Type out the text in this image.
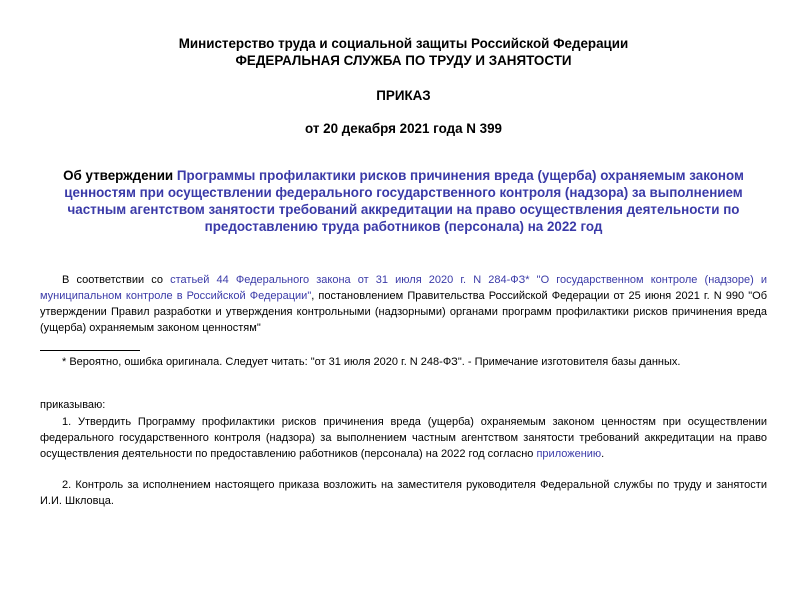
Министерство труда и социальной защиты Российской Федерации
ФЕДЕРАЛЬНАЯ СЛУЖБА ПО ТРУДУ И ЗАНЯТОСТИ
ПРИКАЗ
от 20 декабря 2021 года N 399
Об утверждении Программы профилактики рисков причинения вреда (ущерба) охраняемым законом ценностям при осуществлении федерального государственного контроля (надзора) за выполнением частным агентством занятости требований аккредитации на право осуществления деятельности по предоставлению труда работников (персонала) на 2022 год
В соответствии со статьей 44 Федерального закона от 31 июля 2020 г. N 284-ФЗ* "О государственном контроле (надзоре) и муниципальном контроле в Российской Федерации", постановлением Правительства Российской Федерации от 25 июня 2021 г. N 990 "Об утверждении Правил разработки и утверждения контрольными (надзорными) органами программ профилактики рисков причинения вреда (ущерба) охраняемым законом ценностям"
* Вероятно, ошибка оригинала. Следует читать: "от 31 июля 2020 г. N 248-ФЗ". - Примечание изготовителя базы данных.
приказываю:
1. Утвердить Программу профилактики рисков причинения вреда (ущерба) охраняемым законом ценностям при осуществлении федерального государственного контроля (надзора) за выполнением частным агентством занятости требований аккредитации на право осуществления деятельности по предоставлению работников (персонала) на 2022 год согласно приложению.
2. Контроль за исполнением настоящего приказа возложить на заместителя руководителя Федеральной службы по труду и занятости И.И. Шкловца.
